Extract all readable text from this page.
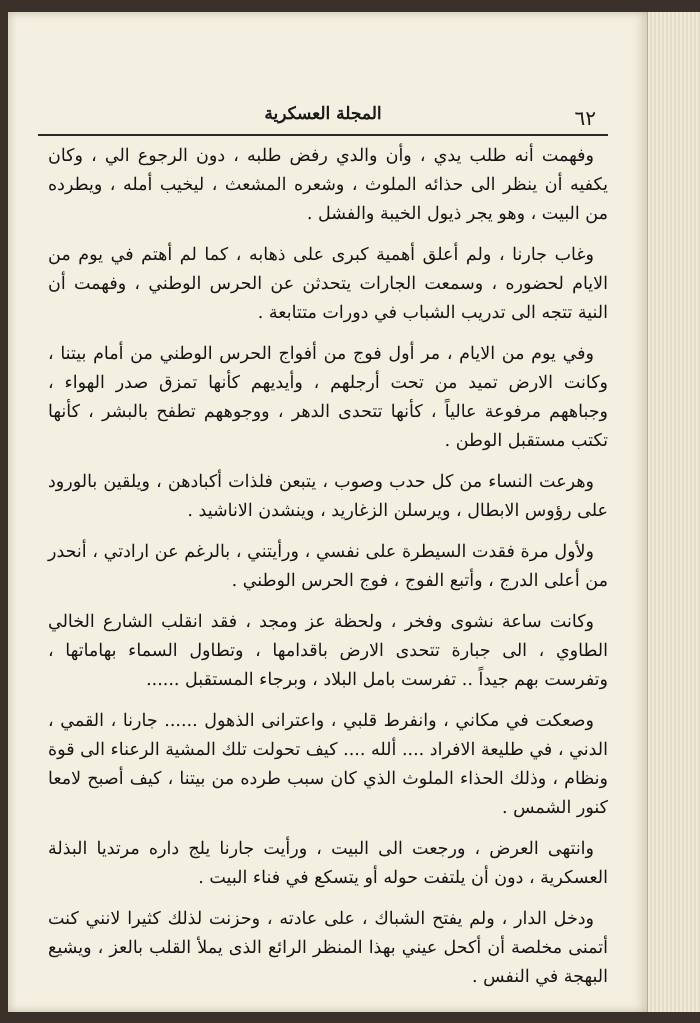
٦٢
المجلة العسكرية

وفهمت أنه طلب يدي ، وأن والدي رفض طلبه ، دون الرجوع الي ، وكان يكفيه أن ينظر الى حذائه الملوث ، وشعره المشعث ، ليخيب أمله ، ويطرده من البيت ، وهو يجر ذيول الخيبة والفشل .

وغاب جارنا ، ولم أعلق أهمية كبرى على ذهابه ، كما لم أهتم في يوم من الايام لحضوره ، وسمعت الجارات يتحدثن عن الحرس الوطني ، وفهمت أن النية تتجه الى تدريب الشباب في دورات متتابعة .

وفي يوم من الايام ، مر أول فوج من أفواج الحرس الوطني من أمام بيتنا ، وكانت الارض تميد من تحت أرجلهم ، وأيديهم كأنها تمزق صدر الهواء ، وجباههم مرفوعة عالياً ، كأنها تتحدى الدهر ، ووجوههم تطفح بالبشر ، كأنها تكتب مستقبل الوطن .

وهرعت النساء من كل حدب وصوب ، يتبعن فلذات أكبادهن ، ويلقين بالورود على رؤوس الابطال ، ويرسلن الزغاريد ، وينشدن الاناشيد .

ولأول مرة فقدت السيطرة على نفسي ، ورأيتني ، بالرغم عن ارادتي ، أنحدر من أعلى الدرج ، وأتبع الفوج ، فوج الحرس الوطني .

وكانت ساعة نشوى وفخر ، ولحظة عز ومجد ، فقد انقلب الشارع الخالي الطاوي ، الى جبارة تتحدى الارض باقدامها ، وتطاول السماء بهاماتها ، وتفرست بهم جيداً .. تفرست بامل البلاد ، وبرجاء المستقبل ......

وصعكت في مكاني ، وانفرط قلبي ، واعترانى الذهول ...... جارنا ، القمي ، الدني ، في طليعة الافراد .... ألله .... كيف تحولت تلك المشية الرعناء الى قوة ونظام ، وذلك الحذاء الملوث الذي كان سبب طرده من بيتنا ، كيف أصبح لامعا كنور الشمس .

وانتهى العرض ، ورجعت الى البيت ، ورأيت جارنا يلج داره مرتديا البذلة العسكرية ، دون أن يلتفت حوله أو يتسكع في فناء البيت .

ودخل الدار ، ولم يفتح الشباك ، على عادته ، وحزنت لذلك كثيرا لانني كنت أتمنى مخلصة أن أكحل عيني بهذا المنظر الرائع الذى يملأ القلب بالعز ، ويشيع البهجة في النفس .
